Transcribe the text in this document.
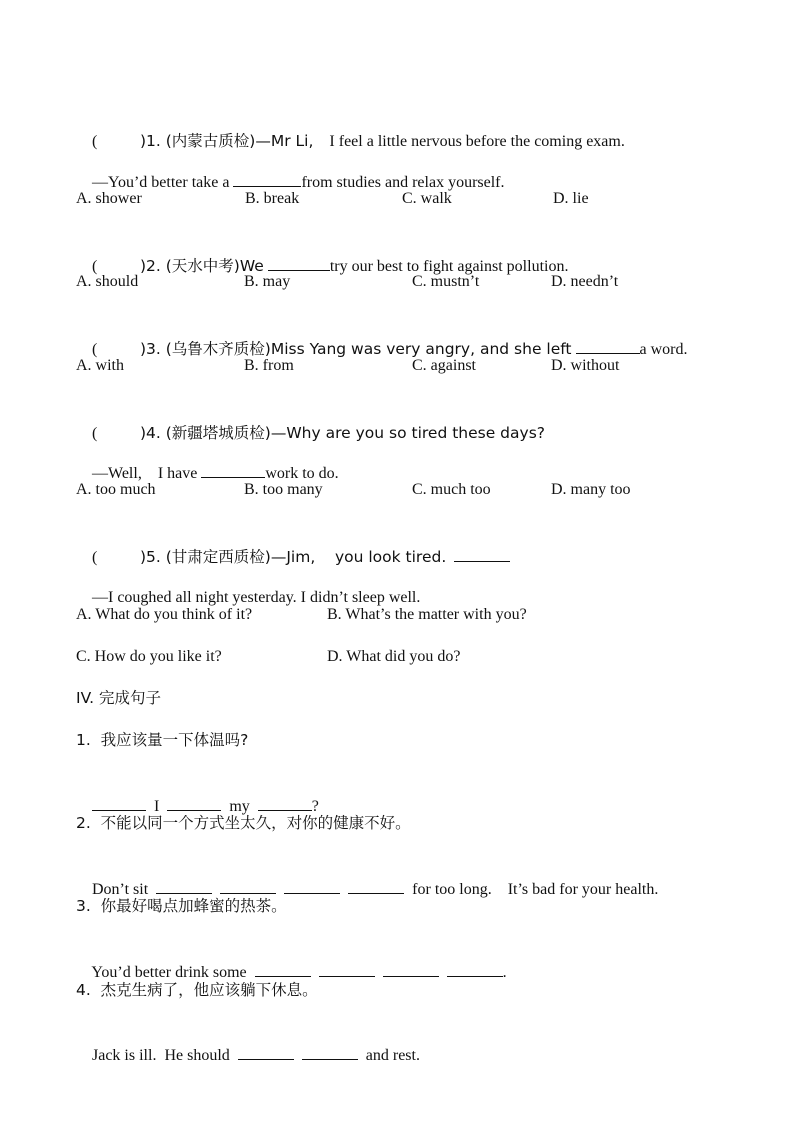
(	)1. (内蒙古质检)—Mr Li, I feel a little nervous before the coming exam.

—You’d better take a	from studies and relax yourself.

A. shower

	B. break

	C. walk

	D. lie

(	)2. (天水中考)We	try our best to fight against pollution.

A. should

	B. may

	C. mustn’t

	D. needn’t

(	)3. (乌鲁木齐质检)Miss Yang was very angry, and she left	a word.

A. with

	B. from

	C. against

	D. without

(	)4. (新疆塔城质检)—Why are you so tired these days?

—Well,    I have	work to do.

A. too much

	B. too many

	C. much too

	D. many too

(	)5. (甘肃定西质检)—Jim,    you look tired.

—I coughed all night yesterday. I didn’t sleep well.

A. What do you think of it?

	B. What’s the matter with you?

C. How do you like it?

	D. What did you do?

IV. 完成句子
1.  我应该量一下体温吗?

I	my	?

2.  不能以同一个方式坐太久，对你的健康不好。

Don’t sit	for too long.    It’s bad for your health.

3.  你最好喝点加蜂蜜的热茶。

You’d better drink some	.

4.  杰克生病了，他应该躺下休息。

Jack is ill.  He should	and rest.
